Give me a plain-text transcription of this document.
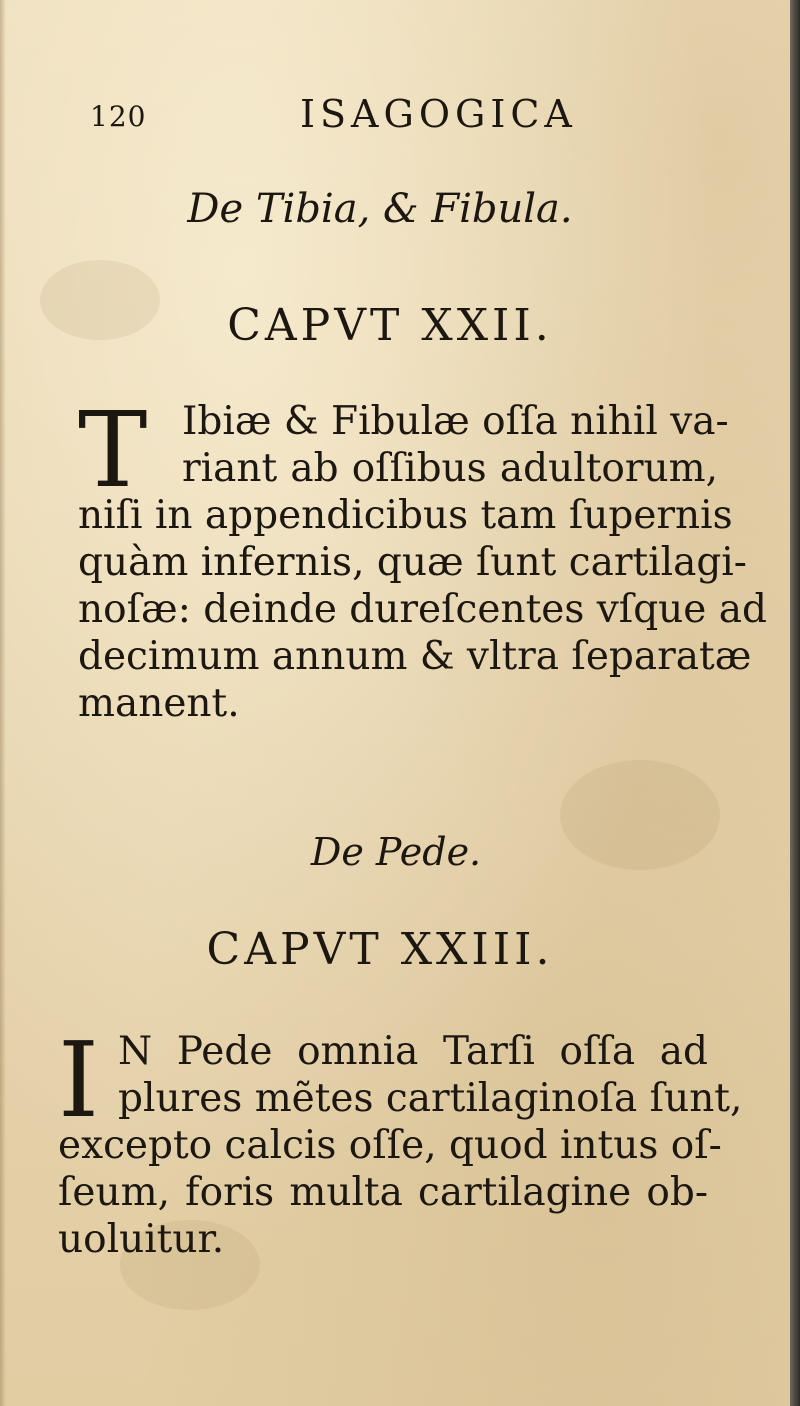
120	ISAGOGICA
De Tibia, & Fibula.
CAPVT XXII.
T Ibiæ & Fibulæ oſſa nihil va-
riant ab oſſibus adultorum,
niſi in appendicibus tam ſupernis
quàm infernis, quæ ſunt cartilagi-
noſæ: deinde dureſcentes vſque ad
decimum annum & vltra ſeparatæ
manent.
De Pede.
CAPVT XXIII.
I N Pede omnia Tarſi oſſa ad
plures mẽtes cartilaginoſa ſunt,
excepto calcis oſſe, quod intus oſ-
ſeum, foris multa cartilagine ob-
uoluitur.
